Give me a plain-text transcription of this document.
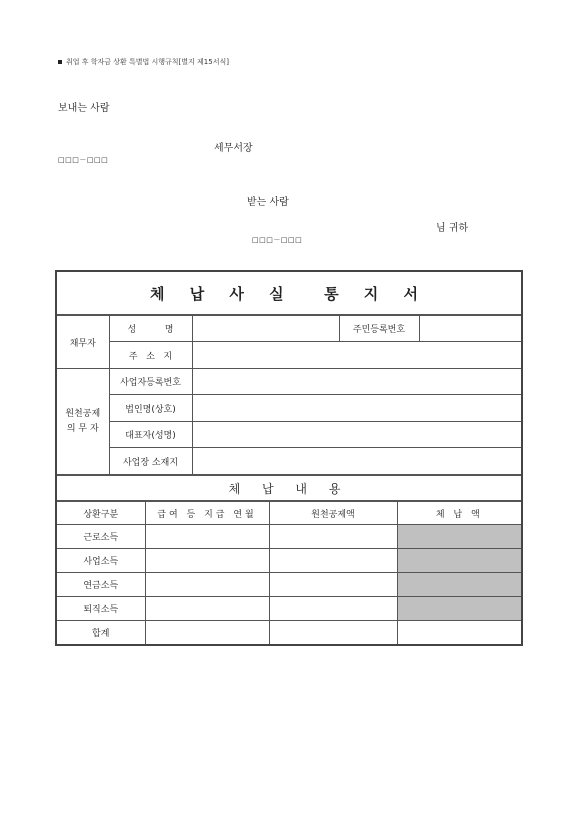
취업 후 학자금 상환 특별법 시행규칙[별지 제15서식]
보내는 사람
세무서장
□□□－□□□
받는 사람
님 귀하
□□□－□□□
체 납 사 실  통 지 서
채무자	성          명		주민등록번호	
	주   소   지			

원천공제
의 무 자	사업자등록번호			
	법인명(상호)			
	대표자(성명)			
	사업장 소재지			
체 납 내 용
상환구분	급여 등 지급 연월	원천공제액	체 납 액
근로소득			
사업소득			
연금소득			
퇴직소득			
합계			
